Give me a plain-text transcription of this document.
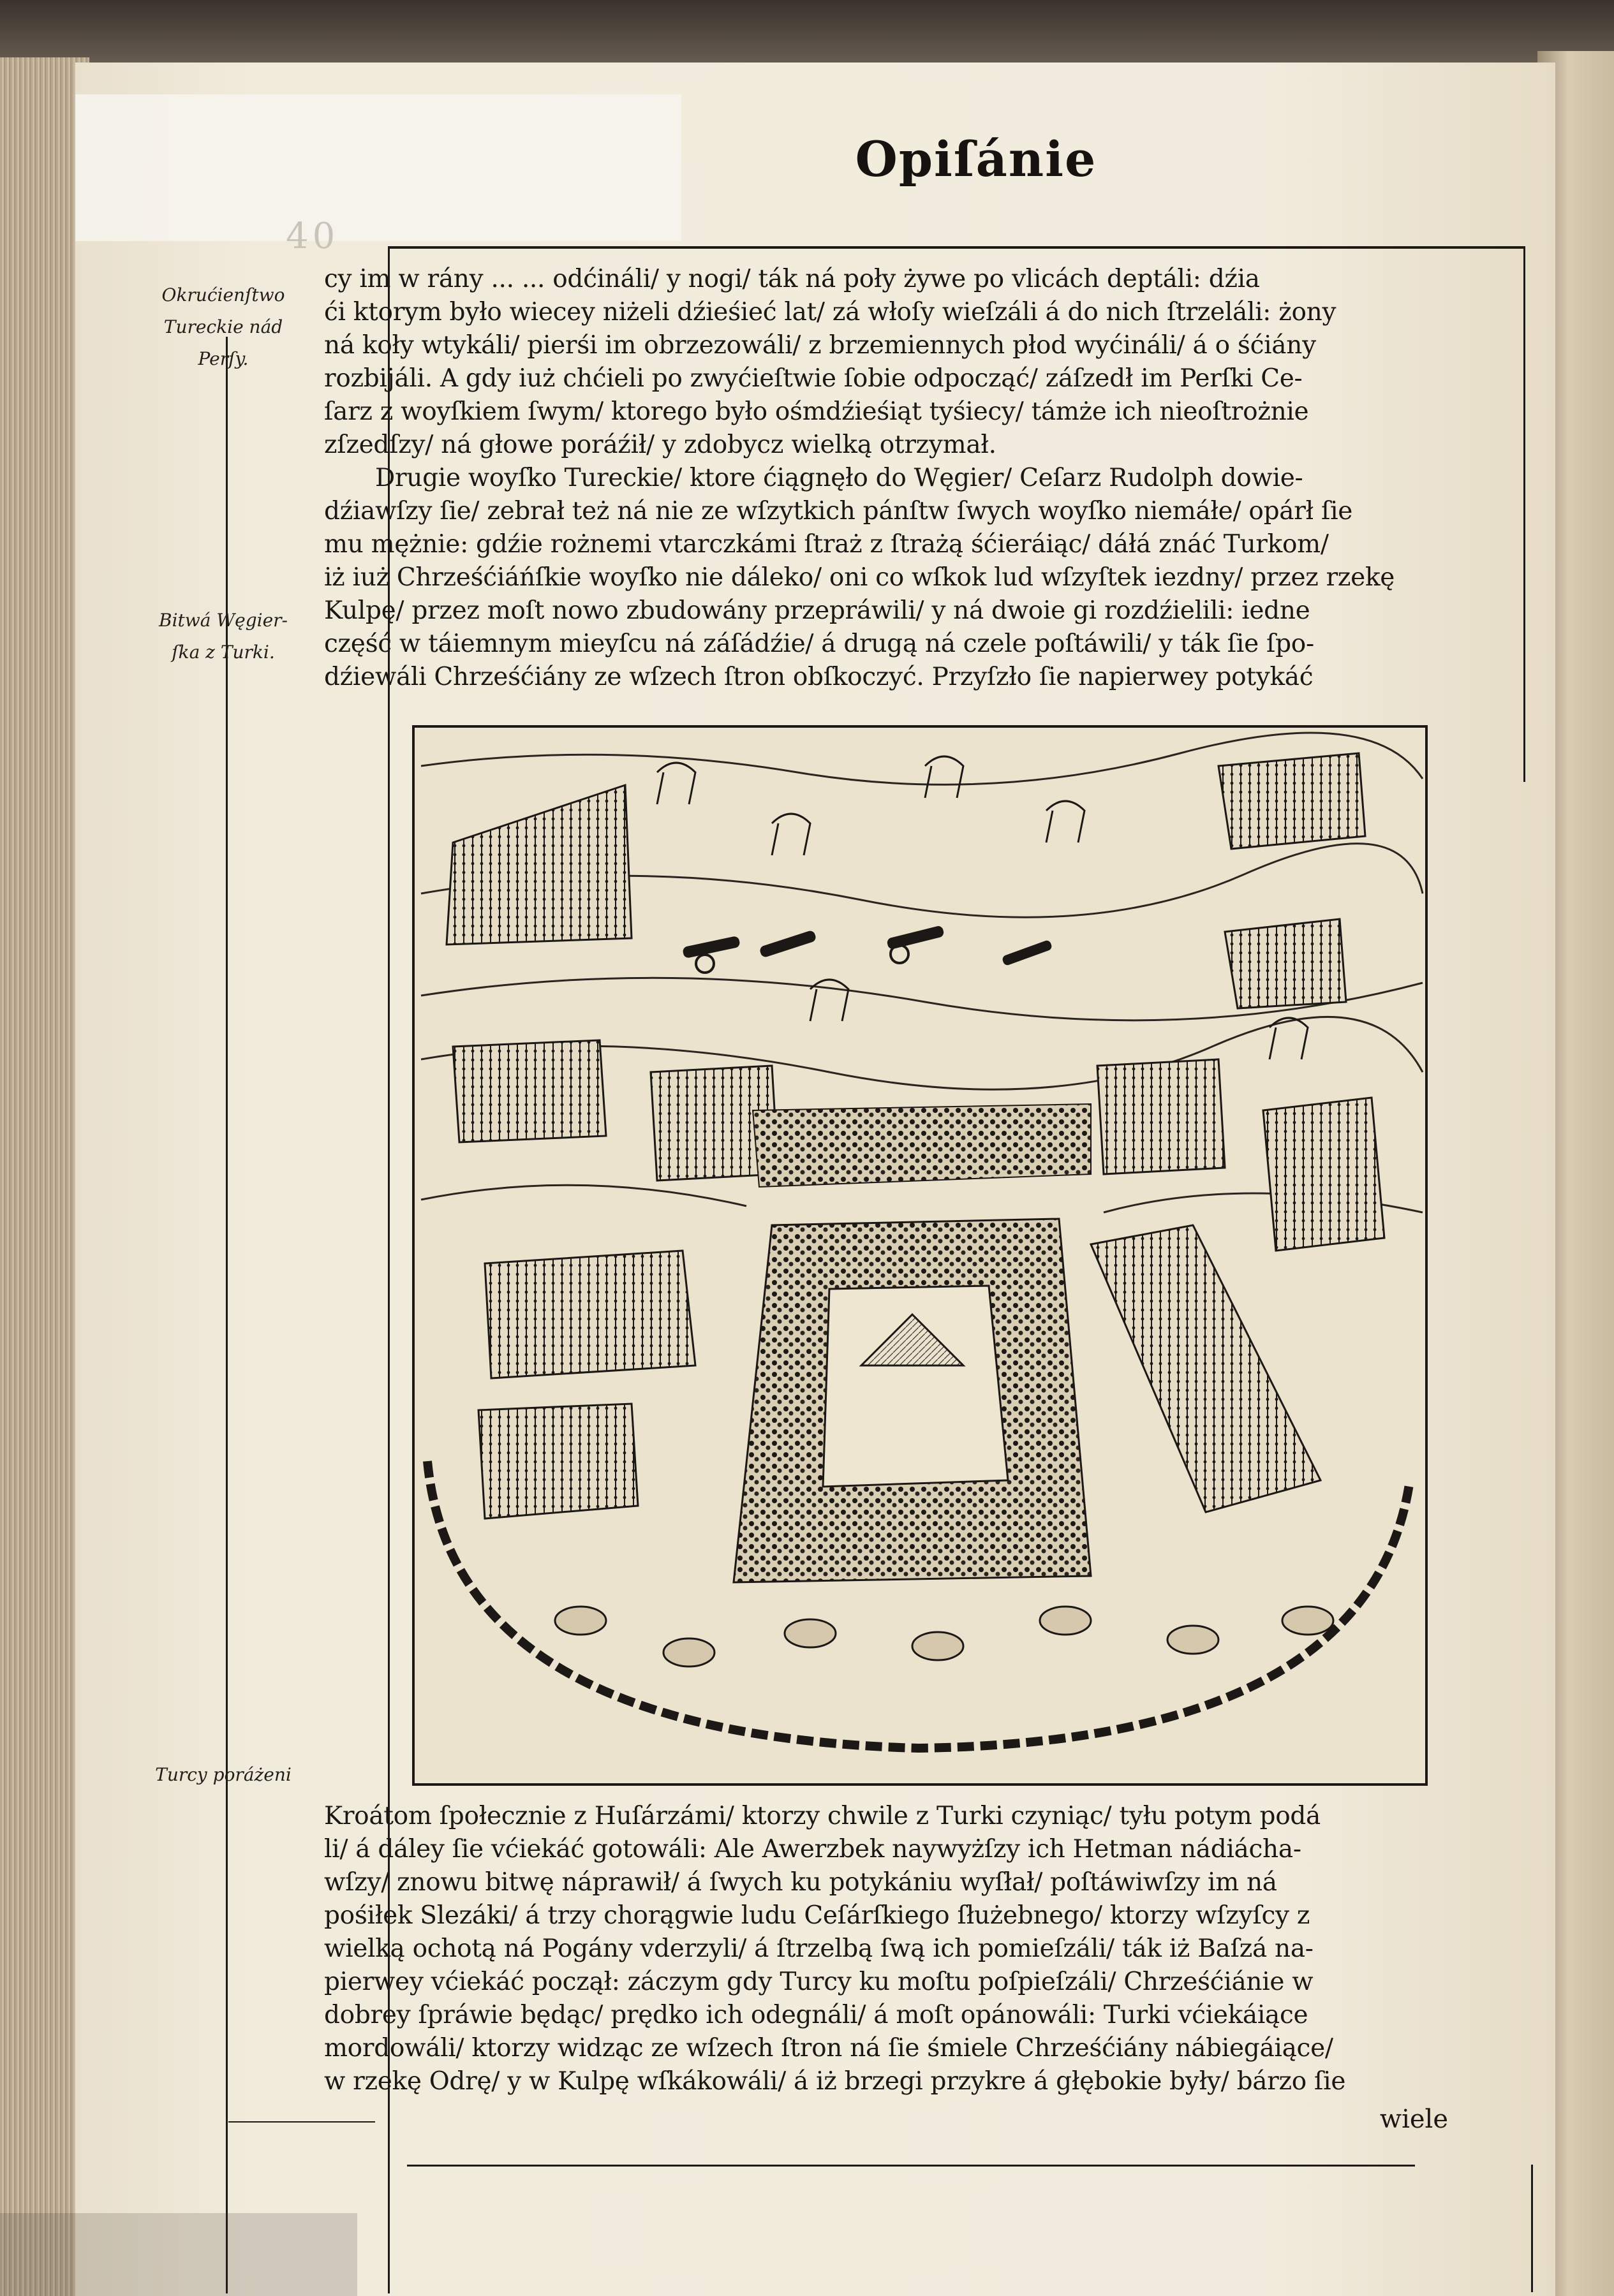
40
Opiſánie
Okrućienſtwo
Tureckie nád
Perſy.
Bitwá Węgier-
ſka z Turki.
Turcy poráżeni
cy im w rány ... ... odćináli/ y nogi/ ták ná poły żywe po vlicách deptáli: dźia
ći ktorym było wiecey niżeli dźieśieć lat/ zá włoſy wieſzáli á do nich ſtrzeláli: żony
ná koły wtykáli/ pierśi im obrzezowáli/ z brzemiennych płod wyćináli/ á o śćiány
rozbijáli. A gdy iuż chćieli po zwyćieſtwie ſobie odpocząć/ záſzedł im Perſki Ce-
ſarz z woyſkiem ſwym/ ktorego było ośmdźieśiąt tyśiecy/ támże ich nieoſtrożnie
zſzedſzy/ ná głowe poráźił/ y zdobycz wielką otrzymał.
Drugie woyſko Tureckie/ ktore ćiągnęło do Węgier/ Ceſarz Rudolph dowie-
dźiawſzy ſie/ zebrał też ná nie ze wſzytkich pánſtw ſwych woyſko niemáłe/ opárł ſie
mu mężnie: gdźie rożnemi vtarczkámi ſtraż z ſtrażą śćieráiąc/ dáłá znáć Turkom/
iż iuż Chrześćiáńſkie woyſko nie dáleko/ oni co wſkok lud wſzyſtek iezdny/ przez rzekę
Kulpę/ przez moſt nowo zbudowány przepráwili/ y ná dwoie gi rozdźielili: iedne
część w táiemnym mieyſcu ná záſádźie/ á drugą ná czele poſtáwili/ y ták ſie ſpo-
dźiewáli Chrześćiány ze wſzech ſtron obſkoczyć. Przyſzło ſie napierwey potykáć
Kroátom ſpołecznie z Huſárzámi/ ktorzy chwile z Turki czyniąc/ tyłu potym podá
li/ á dáley ſie vćiekáć gotowáli: Ale Awerzbek naywyżſzy ich Hetman nádiácha-
wſzy/ znowu bitwę náprawił/ á ſwych ku potykániu wyſłał/ poſtáwiwſzy im ná
pośiłek Slezáki/ á trzy chorągwie ludu Ceſárſkiego ſłużebnego/ ktorzy wſzyſcy z
wielką ochotą ná Pogány vderzyli/ á ſtrzelbą ſwą ich pomieſzáli/ ták iż Baſzá na-
pierwey vćiekáć począł: záczym gdy Turcy ku moſtu poſpieſzáli/ Chrześćiánie w
dobrey ſpráwie będąc/ prędko ich odegnáli/ á moſt opánowáli: Turki vćiekáiące
mordowáli/ ktorzy widząc ze wſzech ſtron ná ſie śmiele Chrześćiány nábiegáiące/
w rzekę Odrę/ y w Kulpę wſkákowáli/ á iż brzegi przykre á głębokie były/ bárzo ſie
wiele
